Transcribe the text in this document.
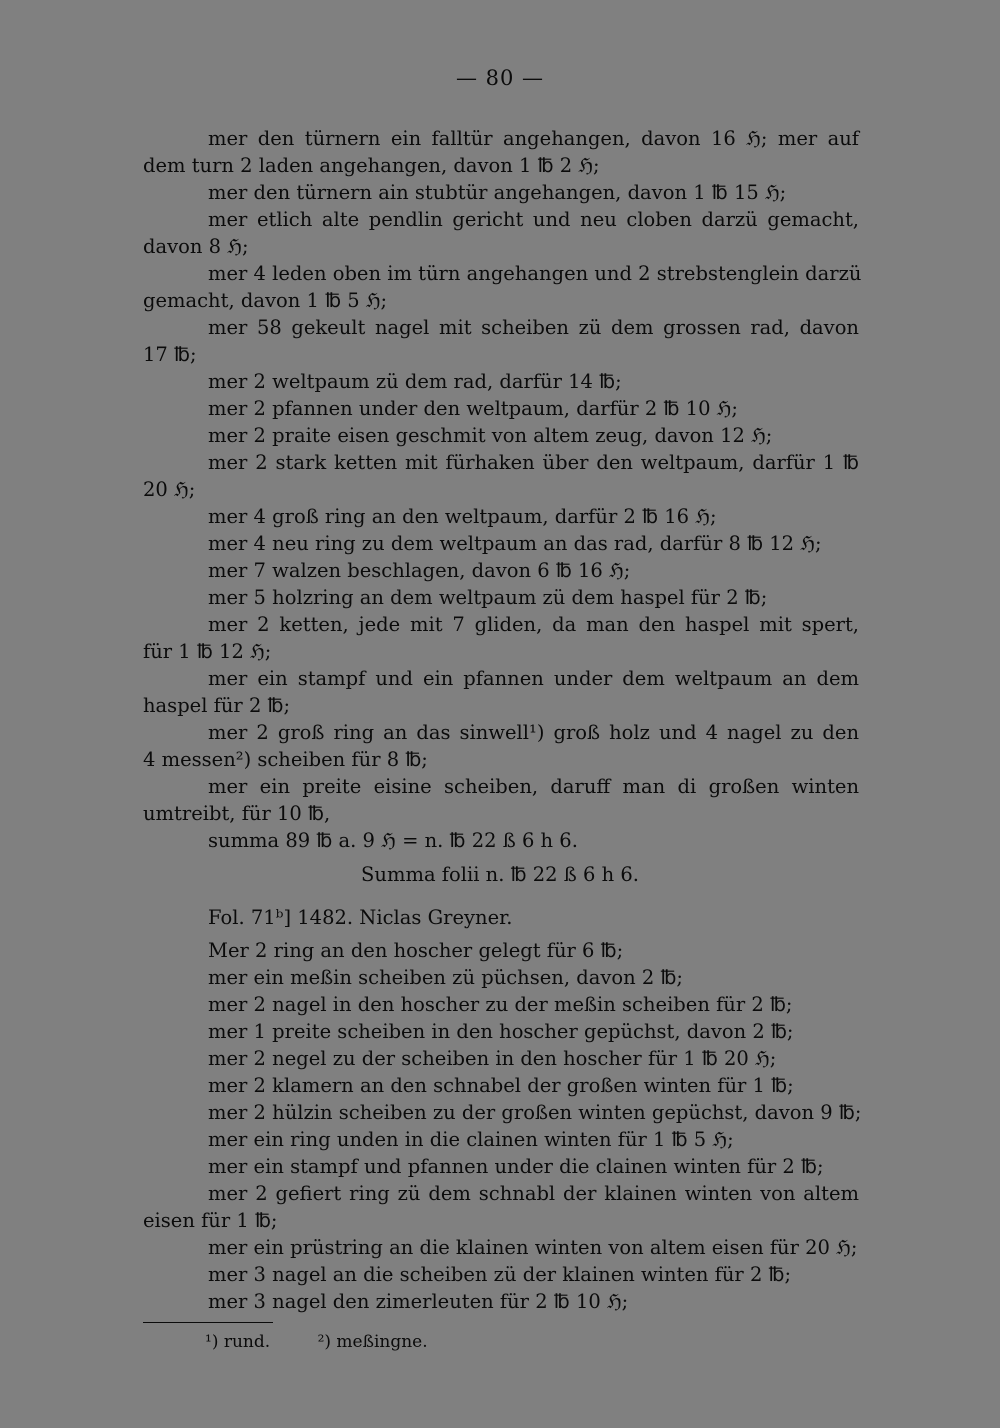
— 80 —
mer den türnern ein falltür angehangen, davon 16 ℌ; mer auf
dem turn 2 laden angehangen, davon 1 ℔ 2 ℌ;
mer den türnern ain stubtür angehangen, davon 1 ℔ 15 ℌ;
mer etlich alte pendlin gericht und neu cloben darzü gemacht,
davon 8 ℌ;
mer 4 leden oben im türn angehangen und 2 strebstenglein darzü
gemacht, davon 1 ℔ 5 ℌ;
mer 58 gekeult nagel mit scheiben zü dem grossen rad, davon
17 ℔;
mer 2 weltpaum zü dem rad, darfür 14 ℔;
mer 2 pfannen under den weltpaum, darfür 2 ℔ 10 ℌ;
mer 2 praite eisen geschmit von altem zeug, davon 12 ℌ;
mer 2 stark ketten mit fürhaken über den weltpaum, darfür 1 ℔
20 ℌ;
mer 4 groß ring an den weltpaum, darfür 2 ℔ 16 ℌ;
mer 4 neu ring zu dem weltpaum an das rad, darfür 8 ℔ 12 ℌ;
mer 7 walzen beschlagen, davon 6 ℔ 16 ℌ;
mer 5 holzring an dem weltpaum zü dem haspel für 2 ℔;
mer 2 ketten, jede mit 7 gliden, da man den haspel mit spert,
für 1 ℔ 12 ℌ;
mer ein stampf und ein pfannen under dem weltpaum an dem
haspel für 2 ℔;
mer 2 groß ring an das sinwell¹) groß holz und 4 nagel zu den
4 messen²) scheiben für 8 ℔;
mer ein preite eisine scheiben, daruff man di großen winten
umtreibt, für 10 ℔,
summa 89 ℔ a. 9 ℌ = n. ℔ 22 ß 6 h 6.
Summa folii n. ℔ 22 ß 6 h 6.
Fol. 71ᵇ] 1482. Niclas Greyner.
Mer 2 ring an den hoscher gelegt für 6 ℔;
mer ein meßin scheiben zü püchsen, davon 2 ℔;
mer 2 nagel in den hoscher zu der meßin scheiben für 2 ℔;
mer 1 preite scheiben in den hoscher gepüchst, davon 2 ℔;
mer 2 negel zu der scheiben in den hoscher für 1 ℔ 20 ℌ;
mer 2 klamern an den schnabel der großen winten für 1 ℔;
mer 2 hülzin scheiben zu der großen winten gepüchst, davon 9 ℔;
mer ein ring unden in die clainen winten für 1 ℔ 5 ℌ;
mer ein stampf und pfannen under die clainen winten für 2 ℔;
mer 2 gefiert ring zü dem schnabl der klainen winten von altem
eisen für 1 ℔;
mer ein prüstring an die klainen winten von altem eisen für 20 ℌ;
mer 3 nagel an die scheiben zü der klainen winten für 2 ℔;
mer 3 nagel den zimerleuten für 2 ℔ 10 ℌ;
¹) rund.	²) meßingne.
